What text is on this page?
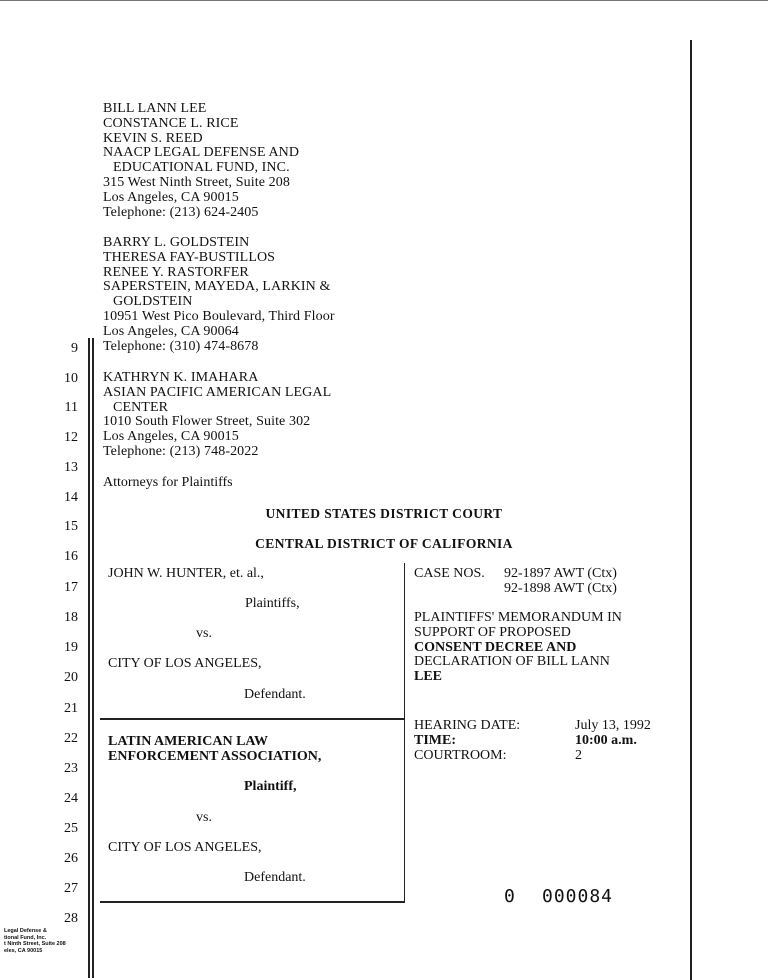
BILL LANN LEE
CONSTANCE L. RICE
KEVIN S. REED
NAACP LEGAL DEFENSE AND
EDUCATIONAL FUND, INC.
315 West Ninth Street, Suite 208
Los Angeles, CA 90015
Telephone: (213) 624-2405
BARRY L. GOLDSTEIN
THERESA FAY-BUSTILLOS
RENEE Y. RASTORFER
SAPERSTEIN, MAYEDA, LARKIN &
GOLDSTEIN
10951 West Pico Boulevard, Third Floor
Los Angeles, CA 90064
Telephone: (310) 474-8678
KATHRYN K. IMAHARA
ASIAN PACIFIC AMERICAN LEGAL
CENTER
1010 South Flower Street, Suite 302
Los Angeles, CA 90015
Telephone: (213) 748-2022
Attorneys for Plaintiffs
9
10
11
12
13
14
15
16
17
18
19
20
21
22
23
24
25
26
27
28
UNITED STATES DISTRICT COURT
CENTRAL DISTRICT OF CALIFORNIA
JOHN W. HUNTER, et. al.,
Plaintiffs,
vs.
CITY OF LOS ANGELES,
Defendant.
LATIN AMERICAN LAW
ENFORCEMENT ASSOCIATION,
Plaintiff,
vs.
CITY OF LOS ANGELES,
Defendant.
CASE NOS. 92-1897 AWT (Ctx)
92-1898 AWT (Ctx)
PLAINTIFFS' MEMORANDUM IN
SUPPORT OF PROPOSED
CONSENT DECREE AND
DECLARATION OF BILL LANN
LEE
HEARING DATE:	July 13, 1992
TIME:	10:00 a.m.
COURTROOM:	2
0 000084
Legal Defense &
tional Fund, Inc.
t Ninth Street, Suite 208
eles, CA 90015
